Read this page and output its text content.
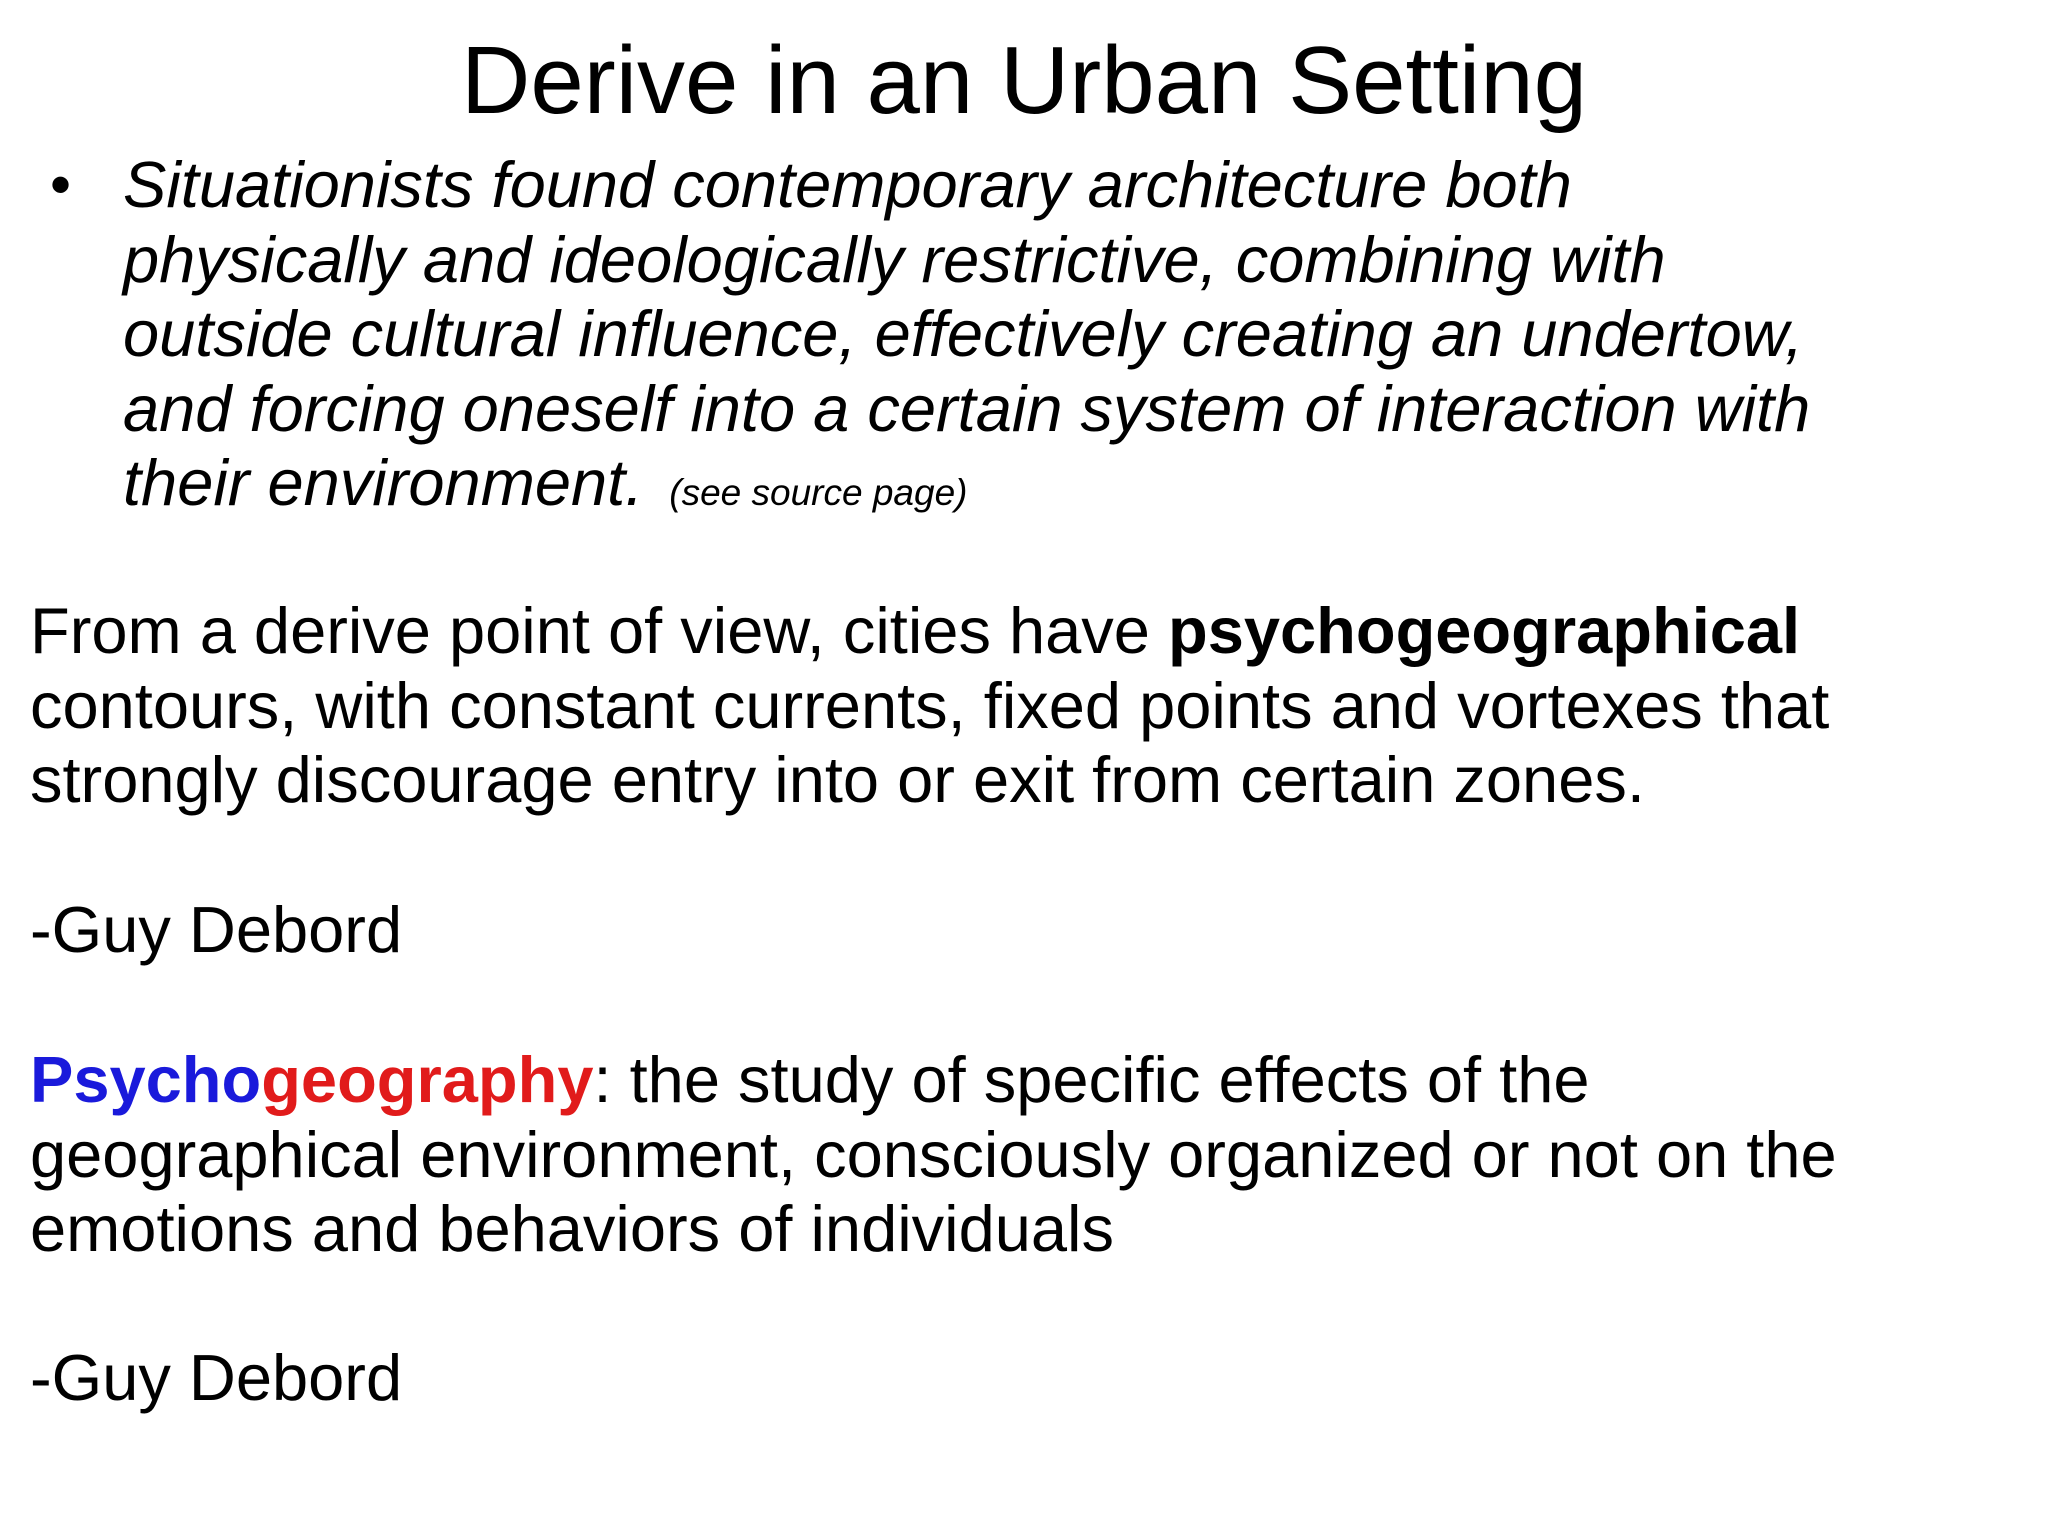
Derive in an Urban Setting
• Situationists found contemporary architecture both
physically and ideologically restrictive, combining with
outside cultural influence, effectively creating an undertow,
and forcing oneself into a certain system of interaction with
their environment. (see source page)
From a derive point of view, cities have psychogeographical
contours, with constant currents, fixed points and vortexes that
strongly discourage entry into or exit from certain zones.
-Guy Debord
Psychogeography: the study of specific effects of the
geographical environment, consciously organized or not on the
emotions and behaviors of individuals
-Guy Debord
